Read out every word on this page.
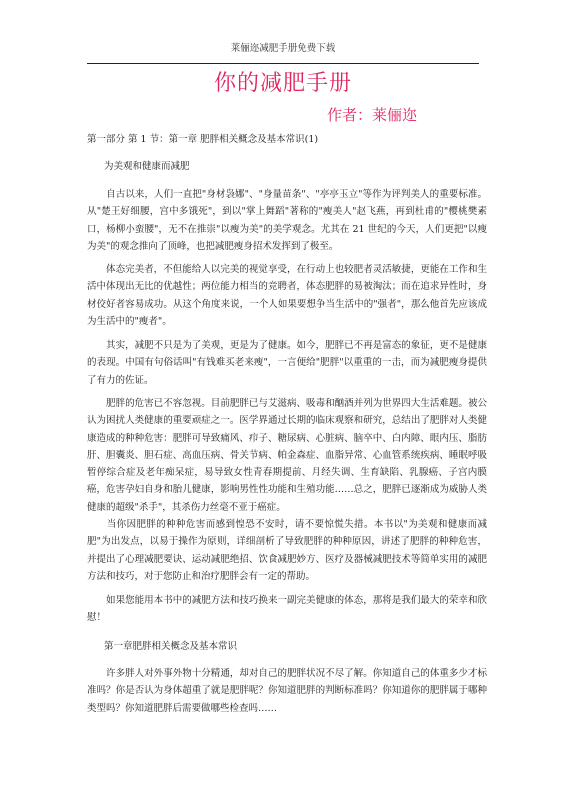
莱俪迩减肥手册免费下载
你的减肥手册
作者：莱俪迩
第一部分 第 1 节：第一章 肥胖相关概念及基本常识(1)
为美观和健康而减肥

　　自古以来，人们一直把"身材袅娜"、"身量苗条"、"亭亭玉立"等作为评判美人的重要标准。从"楚王好细腰，宫中多饿死"，到以"掌上舞蹈"著称的"瘦美人"赵飞燕，再到杜甫的"樱桃樊素口，杨柳小蛮腰"，无不在推崇"以瘦为美"的美学观念。尤其在 21 世纪的今天，人们更把"以瘦为美"的观念推向了顶峰，也把减肥瘦身招术发挥到了极至。

　　体态完美者，不但能给人以完美的视觉享受，在行动上也较肥者灵活敏捷，更能在工作和生活中体现出无比的优越性；两位能力相当的竞聘者，体态肥胖的易被淘汰；而在追求异性时，身材佼好者容易成功。从这个角度来说，一个人如果要想争当生活中的"强者"，那么他首先应该成为生活中的"瘦者"。

　　其实，减肥不只是为了美观，更是为了健康。如今，肥胖已不再是富态的象征，更不是健康的表现。中国有句俗话叫"有钱难买老来瘦"，一言便给"肥胖"以重重的一击，而为减肥瘦身提供了有力的佐证。

　　肥胖的危害已不容忽视。目前肥胖已与艾滋病、吸毒和酗酒并列为世界四大生活难题。被公认为困扰人类健康的重要顽症之一。医学界通过长期的临床观察和研究，总结出了肥胖对人类健康造成的种种危害：肥胖可导致痛风、疖子、糖尿病、心脏病、脑卒中、白内障、眼内压、脂肪肝、胆囊炎、胆石症、高血压病、骨关节病、帕金森症、血脂异常、心血管系统疾病、睡眠呼吸暂停综合症及老年痴呆症，易导致女性青春期提前、月经失调、生育缺陷、乳腺癌、子宫内膜癌，危害孕妇自身和胎儿健康，影响男性性功能和生殖功能……总之，肥胖已逐渐成为威胁人类健康的超级"杀手"，其杀伤力丝毫不亚于癌症。

　　当你因肥胖的种种危害而感到惶恐不安时，请不要惊慌失措。本书以"为美观和健康而减肥"为出发点，以易于操作为原则，详细剖析了导致肥胖的种种原因，讲述了肥胖的种种危害，并提出了心理减肥要诀、运动减肥绝招、饮食减肥妙方、医疗及器械减肥技术等简单实用的减肥方法和技巧，对于您防止和治疗肥胖会有一定的帮助。

　　如果您能用本书中的减肥方法和技巧换来一副完美健康的体态，那将是我们最大的荣幸和欣慰！

第一章肥胖相关概念及基本常识

　　许多胖人对外事外物十分精通，却对自己的肥胖状况不尽了解。你知道自己的体重多少才标准吗？你是否认为身体超重了就是肥胖呢？你知道肥胖的判断标准吗？你知道你的肥胖属于哪种类型吗？你知道肥胖后需要做哪些检查吗……
